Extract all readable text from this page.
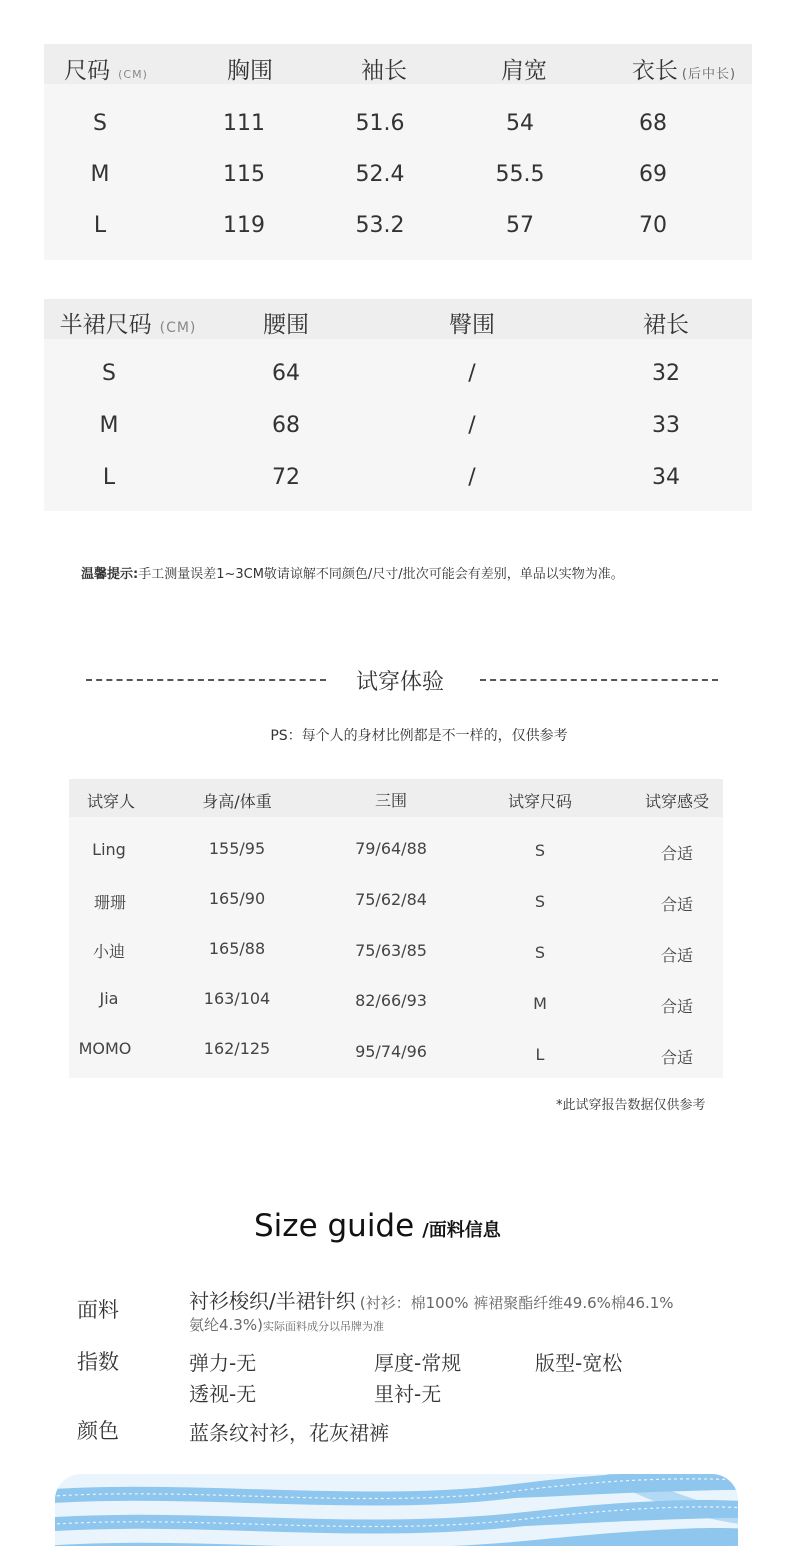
尺码 (CM)	胸围	袖长	肩宽	衣长 (后中长)
S	111	51.6	54	68
M	115	52.4	55.5	69
L	119	53.2	57	70
半裙尺码 (CM)	腰围	臀围	裙长
S	64	/	32
M	68	/	33
L	72	/	34
温馨提示:手工测量误差1~3CM敬请谅解不同颜色/尺寸/批次可能会有差别，单品以实物为准。
试穿体验
PS：每个人的身材比例都是不一样的，仅供参考
试穿人	身高/体重	三围	试穿尺码	试穿感受
Ling	155/95	79/64/88	S	合适
珊珊	165/90	75/62/84	S	合适
小迪	165/88	75/63/85	S	合适
Jia	163/104	82/66/93	M	合适
MOMO	162/125	95/74/96	L	合适
*此试穿报告数据仅供参考
Size guide /面料信息
面料	衬衫梭织/半裙针织 (衬衫：棉100% 裤裙聚酯纤维49.6%棉46.1%
氨纶4.3%)实际面料成分以吊牌为准
指数	弹力-无	厚度-常规	版型-宽松
透视-无	里衬-无
颜色	蓝条纹衬衫，花灰裙裤
